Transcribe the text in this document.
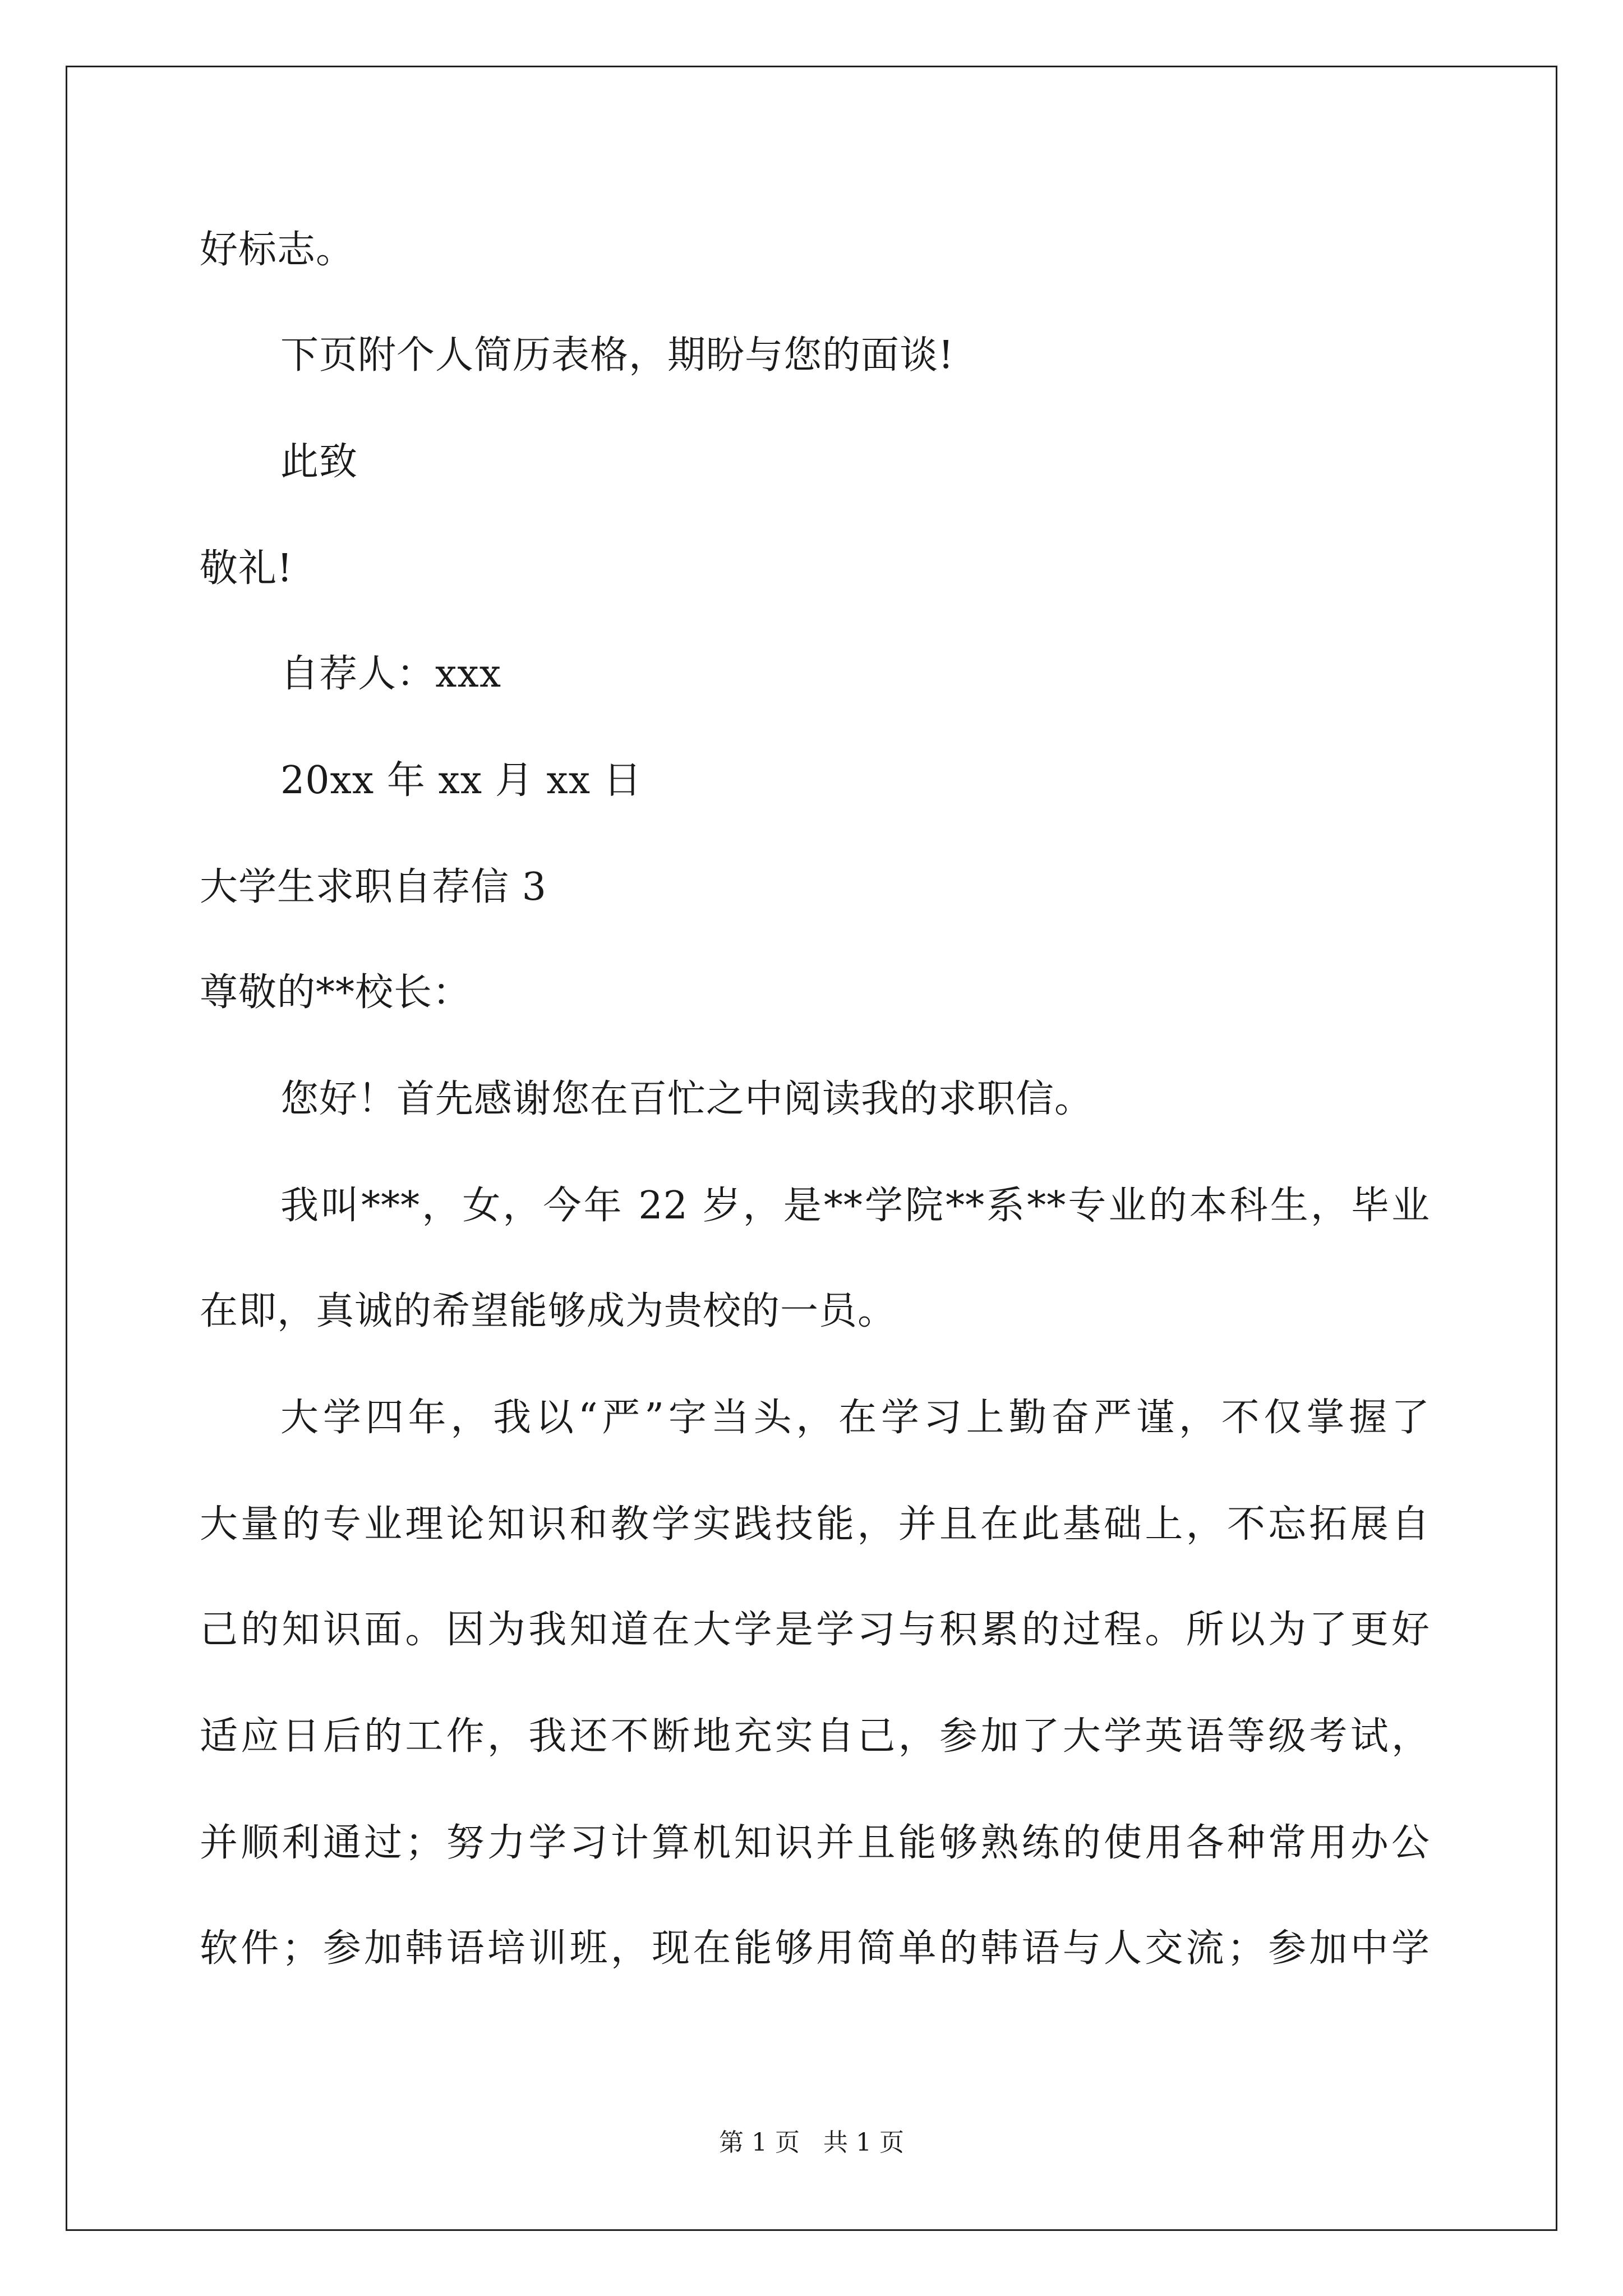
好标志。
下页附个人简历表格，期盼与您的面谈!
此致
敬礼!
自荐人：xxx
20xx 年 xx 月 xx 日
大学生求职自荐信 3
尊敬的**校长：
您好！首先感谢您在百忙之中阅读我的求职信。
我叫***，女，今年 22 岁，是**学院**系**专业的本科生，毕业
在即，真诚的希望能够成为贵校的一员。
大学四年，我以“严”字当头，在学习上勤奋严谨，不仅掌握了
大量的专业理论知识和教学实践技能，并且在此基础上，不忘拓展自
己的知识面。因为我知道在大学是学习与积累的过程。所以为了更好
适应日后的工作，我还不断地充实自己，参加了大学英语等级考试，
并顺利通过；努力学习计算机知识并且能够熟练的使用各种常用办公
软件；参加韩语培训班，现在能够用简单的韩语与人交流；参加中学
第 1 页   共 1 页
